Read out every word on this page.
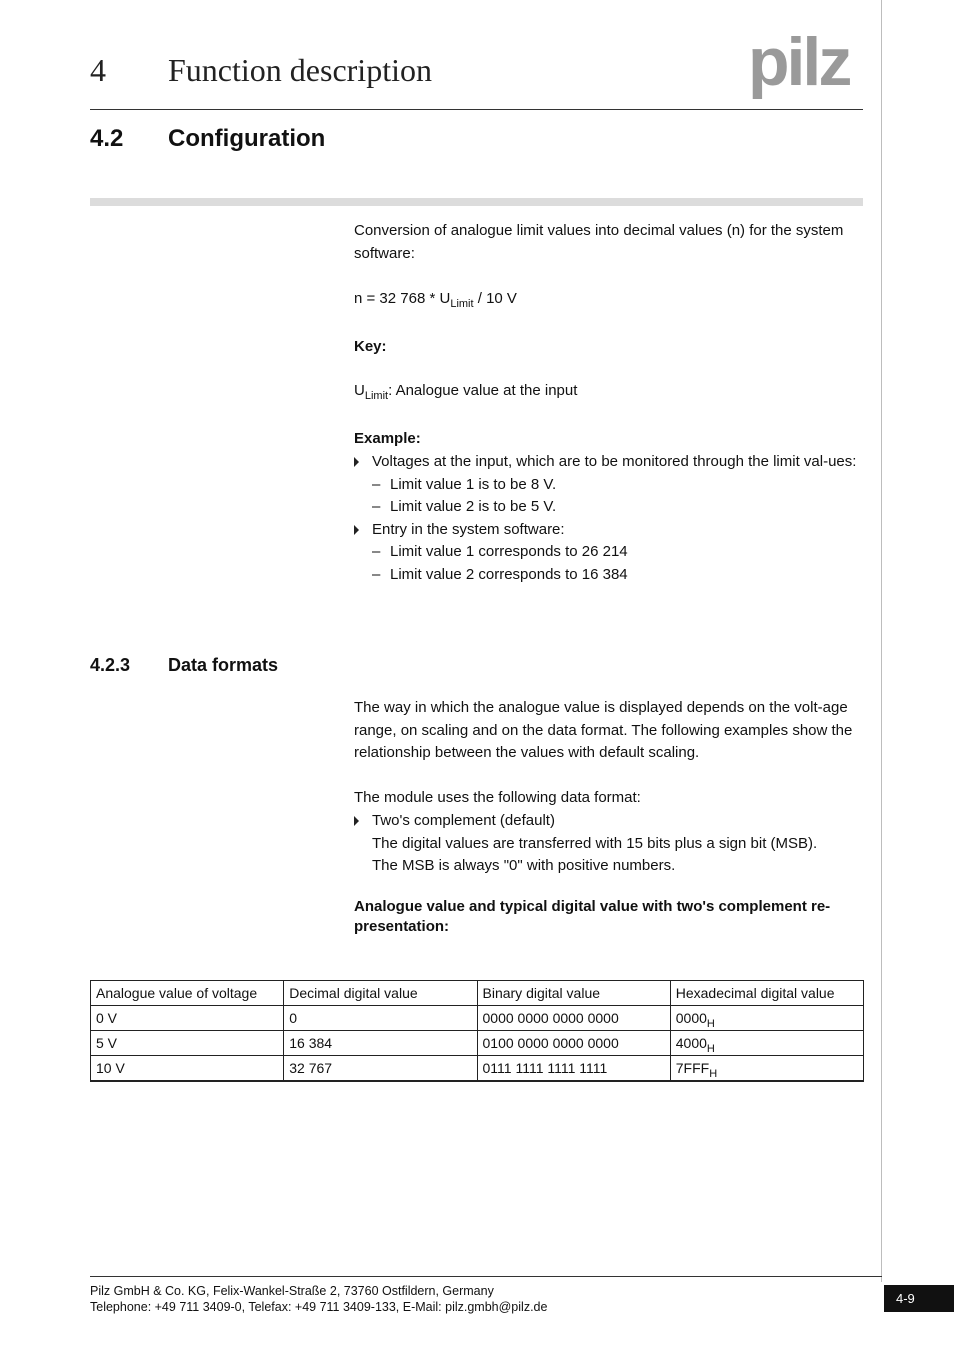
4 Function description	pilz
4.2 Configuration
Conversion of analogue limit values into decimal values (n) for the system software:
n = 32 $768 * U_{Limit} / 10$ V
Key:
$U_{Limit}$: Analogue value at the input
Example:
Voltages at the input, which are to be monitored through the limit val-ues:
– Limit value 1 is to be 8 V.
– Limit value 2 is to be 5 V.
Entry in the system software:
– Limit value 1 corresponds to 26 214
– Limit value 2 corresponds to 16 384
4.2.3 Data formats
The way in which the analogue value is displayed depends on the volt-age range, on scaling and on the data format. The following examples show the relationship between the values with default scaling.
The module uses the following data format:
Two's complement (default)
The digital values are transferred with 15 bits plus a sign bit (MSB).
The MSB is always "0" with positive numbers.
Analogue value and typical digital value with two's complement re-presentation:
Analogue value of voltage	Decimal digital value	Binary digital value	Hexadecimal digital value
0 V	0	0000 0000 0000 0000	$0000_H$
5 V	16 384	0100 0000 0000 0000	$4000_H$
10 V	32 767	0111 1111 1111 1111	$7FFF_H$
Pilz GmbH & Co. KG, Felix-Wankel-Straße 2, 73760 Ostfildern, Germany
Telephone: +49 711 3409-0, Telefax: +49 711 3409-133, E-Mail: pilz.gmbh@pilz.de
4-9
